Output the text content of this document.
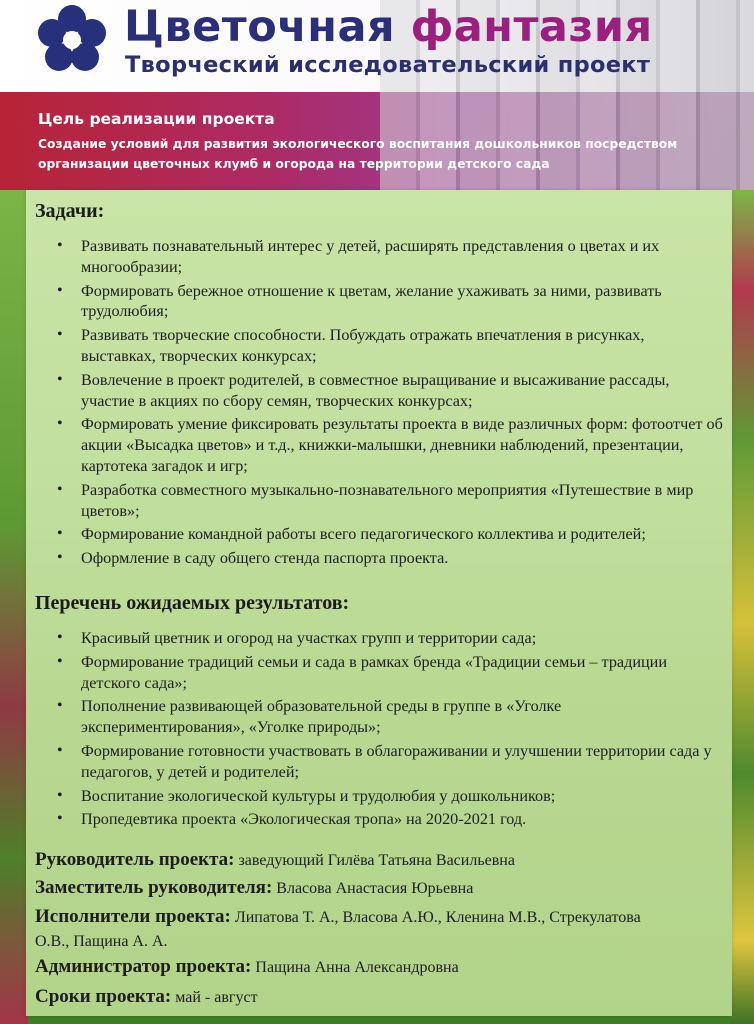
Цветочная фантазия
Творческий исследовательский проект
Цель реализации проекта
Создание условий для развития экологического воспитания дошкольников посредством организации цветочных клумб и огорода на территории детского сада
Задачи:
• Развивать познавательный интерес у детей, расширять представления о цветах и их многообразии;
• Формировать бережное отношение к цветам, желание ухаживать за ними, развивать трудолюбия;
• Развивать творческие способности. Побуждать отражать впечатления в рисунках, выставках, творческих конкурсах;
• Вовлечение в проект родителей, в совместное выращивание и высаживание рассады, участие в акциях по сбору семян, творческих конкурсах;
• Формировать умение фиксировать результаты проекта в виде различных форм: фотоотчет об акции «Высадка цветов» и т.д., книжки-малышки, дневники наблюдений, презентации, картотека загадок и игр;
• Разработка совместного музыкально-познавательного мероприятия «Путешествие в мир цветов»;
• Формирование командной работы всего педагогического коллектива и родителей;
• Оформление в саду общего стенда паспорта проекта.
Перечень ожидаемых результатов:
• Красивый цветник и огород на участках групп и территории сада;
• Формирование традиций семьи и сада в рамках бренда «Традиции семьи – традиции детского сада»;
• Пополнение развивающей образовательной среды в группе в «Уголке экспериментирования», «Уголке природы»;
• Формирование готовности участвовать в облагораживании и улучшении территории сада у педагогов, у детей и родителей;
• Воспитание экологической культуры и трудолюбия у дошкольников;
• Пропедевтика проекта «Экологическая тропа» на 2020-2021 год.
Руководитель проекта: заведующий Гилёва Татьяна Васильевна
Заместитель руководителя: Власова Анастасия Юрьевна
Исполнители проекта: Липатова Т. А., Власова А.Ю., Кленина М.В., Стрекулатова О.В., Пащина А. А.
Администратор проекта: Пащина Анна Александровна
Сроки проекта: май - август
